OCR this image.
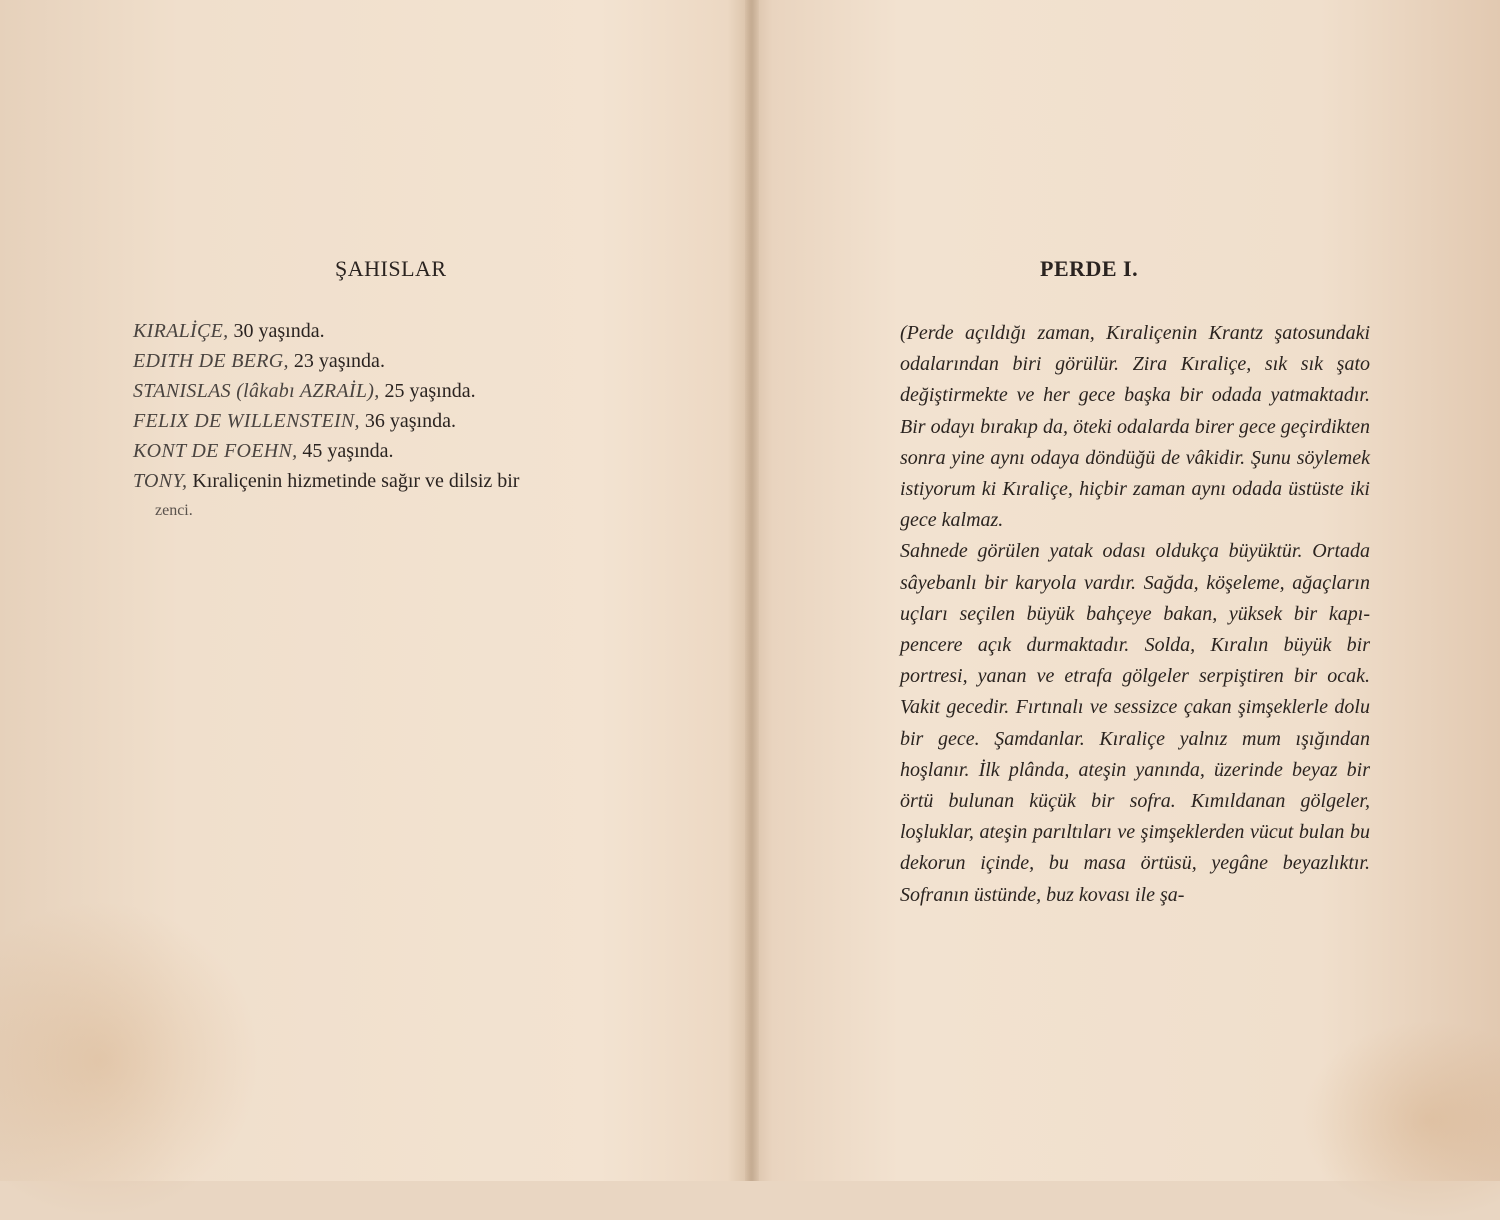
ŞAHISLAR
KIRALİÇE, 30 yaşında.
EDITH DE BERG, 23 yaşında.
STANISLAS (lâkabı AZRAİL), 25 yaşında.
FELIX DE WILLENSTEIN, 36 yaşında.
KONT DE FOEHN, 45 yaşında.
TONY, Kıraliçenin hizmetinde sağır ve dilsiz bir
zenci.
PERDE I.

(Perde açıldığı zaman, Kıraliçenin Krantz şatosundaki odalarından biri görülür. Zira Kıraliçe, sık sık şato değiştirmekte ve her gece başka bir odada yatmaktadır. Bir odayı bırakıp da, öteki odalarda birer gece geçirdikten sonra yine aynı odaya döndüğü de vâkidir. Şunu söylemek istiyorum ki Kıraliçe, hiçbir zaman aynı odada üstüste iki gece kalmaz.

Sahnede görülen yatak odası oldukça büyüktür. Ortada sâyebanlı bir karyola vardır. Sağda, köşeleme, ağaçların uçları seçilen büyük bahçeye bakan, yüksek bir kapı-pencere açık durmaktadır. Solda, Kıralın büyük bir portresi, yanan ve etrafa gölgeler serpiştiren bir ocak. Vakit gecedir. Fırtınalı ve sessizce çakan şimşeklerle dolu bir gece. Şamdanlar. Kıraliçe yalnız mum ışığından hoşlanır. İlk plânda, ateşin yanında, üzerinde beyaz bir örtü bulunan küçük bir sofra. Kımıldanan gölgeler, loşluklar, ateşin parıltıları ve şimşeklerden vücut bulan bu dekorun içinde, bu masa örtüsü, yegâne beyazlıktır. Sofranın üstünde, buz kovası ile şa-
